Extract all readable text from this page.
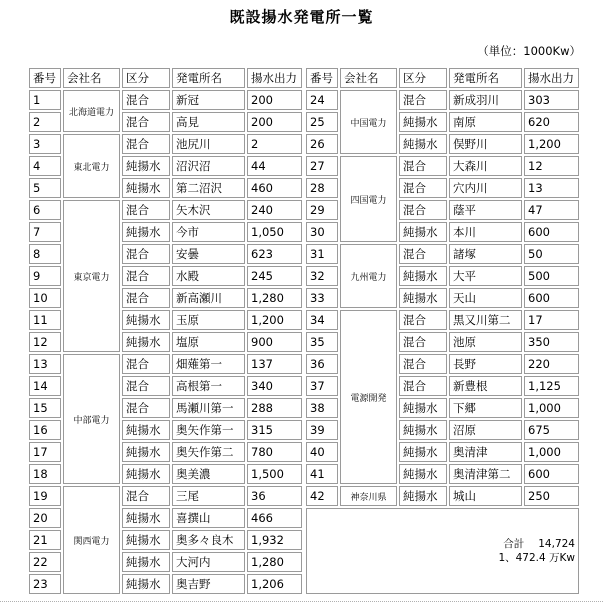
既設揚水発電所一覧
（単位：1000Kw）
番号	会社名	区分	発電所名	揚水出力		番号	会社名	区分	発電所名	揚水出力
1	北海道電力	混合	新冠	200		24	中国電力	混合	新成羽川	303
2		混合	高見	200		25		純揚水	南原	620
3	東北電力	混合	池尻川	2		26		純揚水	俣野川	1,200
4		純揚水	沼沢沼	44		27	四国電力	混合	大森川	12
5		純揚水	第二沼沢	460		28		混合	穴内川	13
6	東京電力	混合	矢木沢	240		29		混合	蔭平	47
7		純揚水	今市	1,050		30		純揚水	本川	600
8		混合	安曇	623		31	九州電力	混合	諸塚	50
9		混合	水殿	245		32		純揚水	大平	500
10		混合	新高瀬川	1,280		33		純揚水	天山	600
11		純揚水	玉原	1,200		34	電源開発	混合	黒又川第二	17
12		純揚水	塩原	900		35		混合	池原	350
13	中部電力	混合	畑薙第一	137		36		混合	長野	220
14		混合	高根第一	340		37		混合	新豊根	1,125
15		混合	馬瀬川第一	288		38		純揚水	下郷	1,000
16		純揚水	奥矢作第一	315		39		純揚水	沼原	675
17		純揚水	奥矢作第二	780		40		純揚水	奥清津	1,000
18		純揚水	奥美濃	1,500		41		純揚水	奥清津第二	600
19	関西電力	混合	三尾	36		42	神奈川県	純揚水	城山	250
20		純揚水	喜撰山	466		合計 14,724
1、472.4 万Kw				

21		純揚水	奥多々良木	1,932						
22		純揚水	大河内	1,280						
23		純揚水	奥吉野	1,206						
